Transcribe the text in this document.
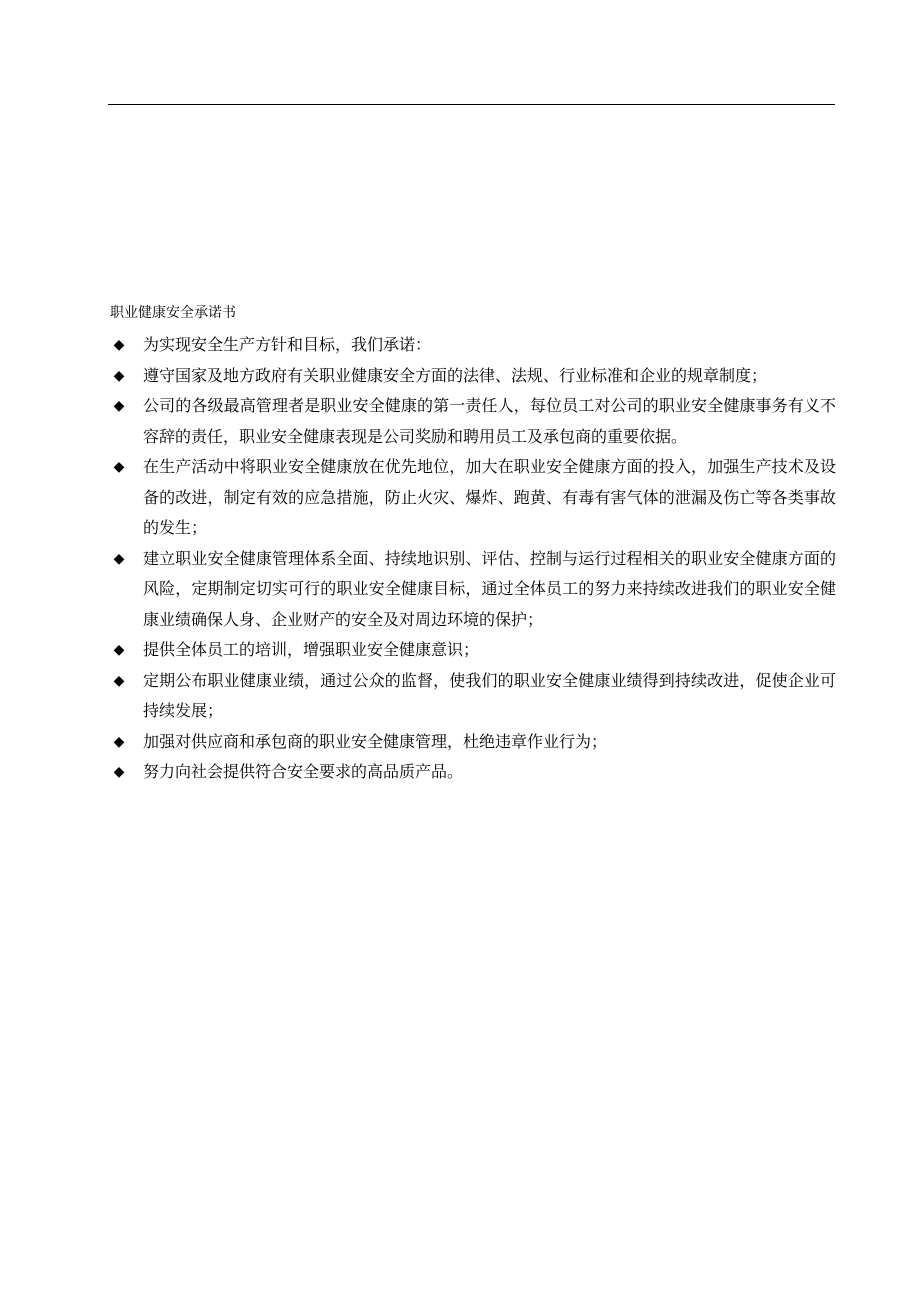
职业健康安全承诺书
◆ 为实现安全生产方针和目标，我们承诺：
◆ 遵守国家及地方政府有关职业健康安全方面的法律、法规、行业标准和企业的规章制度；
◆ 公司的各级最高管理者是职业安全健康的第一责任人，每位员工对公司的职业安全健康事务有义不容辞的责任，职业安全健康表现是公司奖励和聘用员工及承包商的重要依据。
◆ 在生产活动中将职业安全健康放在优先地位，加大在职业安全健康方面的投入，加强生产技术及设备的改进，制定有效的应急措施，防止火灾、爆炸、跑黄、有毒有害气体的泄漏及伤亡等各类事故的发生；
◆ 建立职业安全健康管理体系全面、持续地识别、评估、控制与运行过程相关的职业安全健康方面的风险，定期制定切实可行的职业安全健康目标，通过全体员工的努力来持续改进我们的职业安全健康业绩确保人身、企业财产的安全及对周边环境的保护；
◆ 提供全体员工的培训，增强职业安全健康意识；
◆ 定期公布职业健康业绩，通过公众的监督，使我们的职业安全健康业绩得到持续改进，促使企业可持续发展；
◆ 加强对供应商和承包商的职业安全健康管理，杜绝违章作业行为；
◆ 努力向社会提供符合安全要求的高品质产品。
